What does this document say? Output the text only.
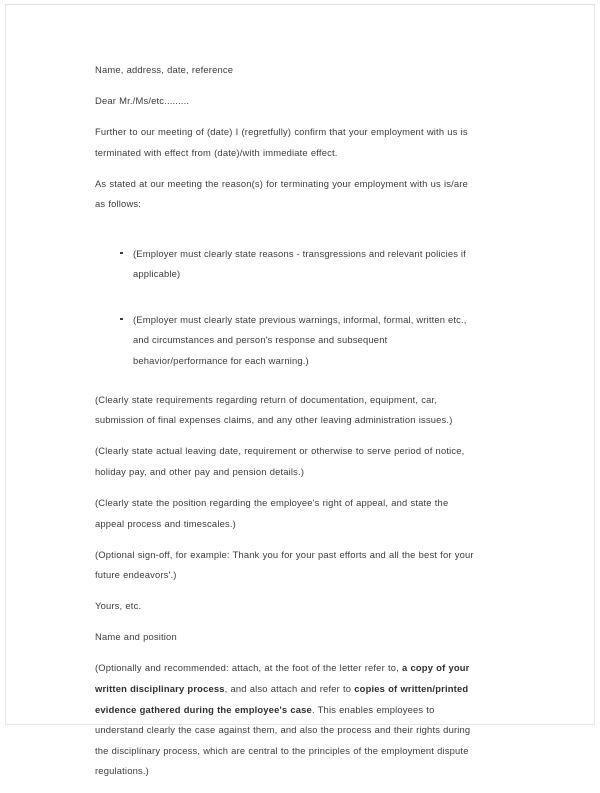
Name, address, date, reference

Dear Mr./Ms/etc.........

Further to our meeting of (date) I (regretfully) confirm that your employment with us is terminated with effect from (date)/with immediate effect.

As stated at our meeting the reason(s) for terminating your employment with us is/are as follows:

(Employer must clearly state reasons - transgressions and relevant policies if applicable)
(Employer must clearly state previous warnings, informal, formal, written etc., and circumstances and person's response and subsequent behavior/performance for each warning.)

(Clearly state requirements regarding return of documentation, equipment, car, submission of final expenses claims, and any other leaving administration issues.)

(Clearly state actual leaving date, requirement or otherwise to serve period of notice, holiday pay, and other pay and pension details.)

(Clearly state the position regarding the employee's right of appeal, and state the appeal process and timescales.)

(Optional sign-off, for example: Thank you for your past efforts and all the best for your future endeavors'.)

Yours, etc.

Name and position

(Optionally and recommended: attach, at the foot of the letter refer to, a copy of your written disciplinary process, and also attach and refer to copies of written/printed evidence gathered during the employee's case. This enables employees to understand clearly the case against them, and also the process and their rights during the disciplinary process, which are central to the principles of the employment dispute regulations.)
